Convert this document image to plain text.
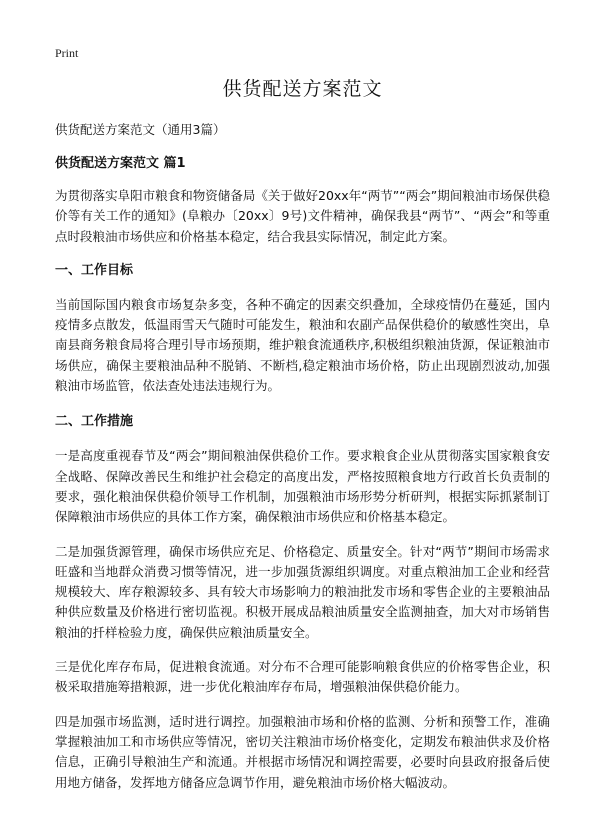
Print
供货配送方案范文

供货配送方案范文（通用3篇）

供货配送方案范文 篇1

为贯彻落实阜阳市粮食和物资储备局《关于做好20xx年“两节”“两会”期间粮油市场保供稳价等有关工作的通知》(阜粮办〔20xx〕9号)文件精神，确保我县“两节”、“两会”和等重点时段粮油市场供应和价格基本稳定，结合我县实际情况，制定此方案。

一、工作目标

当前国际国内粮食市场复杂多变，各种不确定的因素交织叠加，全球疫情仍在蔓延，国内疫情多点散发，低温雨雪天气随时可能发生，粮油和农副产品保供稳价的敏感性突出，阜南县商务粮食局将合理引导市场预期，维护粮食流通秩序,积极组织粮油货源，保证粮油市场供应，确保主要粮油品种不脱销、不断档,稳定粮油市场价格，防止出现剧烈波动,加强粮油市场监管，依法查处违法违规行为。

二、工作措施

一是高度重视春节及“两会”期间粮油保供稳价工作。要求粮食企业从贯彻落实国家粮食安全战略、保障改善民生和维护社会稳定的高度出发，严格按照粮食地方行政首长负责制的要求，强化粮油保供稳价领导工作机制，加强粮油市场形势分析研判，根据实际抓紧制订保障粮油市场供应的具体工作方案，确保粮油市场供应和价格基本稳定。

二是加强货源管理，确保市场供应充足、价格稳定、质量安全。针对“两节”期间市场需求旺盛和当地群众消费习惯等情况，进一步加强货源组织调度。对重点粮油加工企业和经营规模较大、库存粮源较多、具有较大市场影响力的粮油批发市场和零售企业的主要粮油品种供应数量及价格进行密切监视。积极开展成品粮油质量安全监测抽查，加大对市场销售粮油的扦样检验力度，确保供应粮油质量安全。

三是优化库存布局，促进粮食流通。对分布不合理可能影响粮食供应的价格零售企业，积极采取措施筹措粮源，进一步优化粮油库存布局，增强粮油保供稳价能力。

四是加强市场监测，适时进行调控。加强粮油市场和价格的监测、分析和预警工作，准确掌握粮油加工和市场供应等情况，密切关注粮油市场价格变化，定期发布粮油供求及价格信息，正确引导粮油生产和流通。并根据市场情况和调控需要，必要时向县政府报备后使用地方储备，发挥地方储备应急调节作用，避免粮油市场价格大幅波动。
